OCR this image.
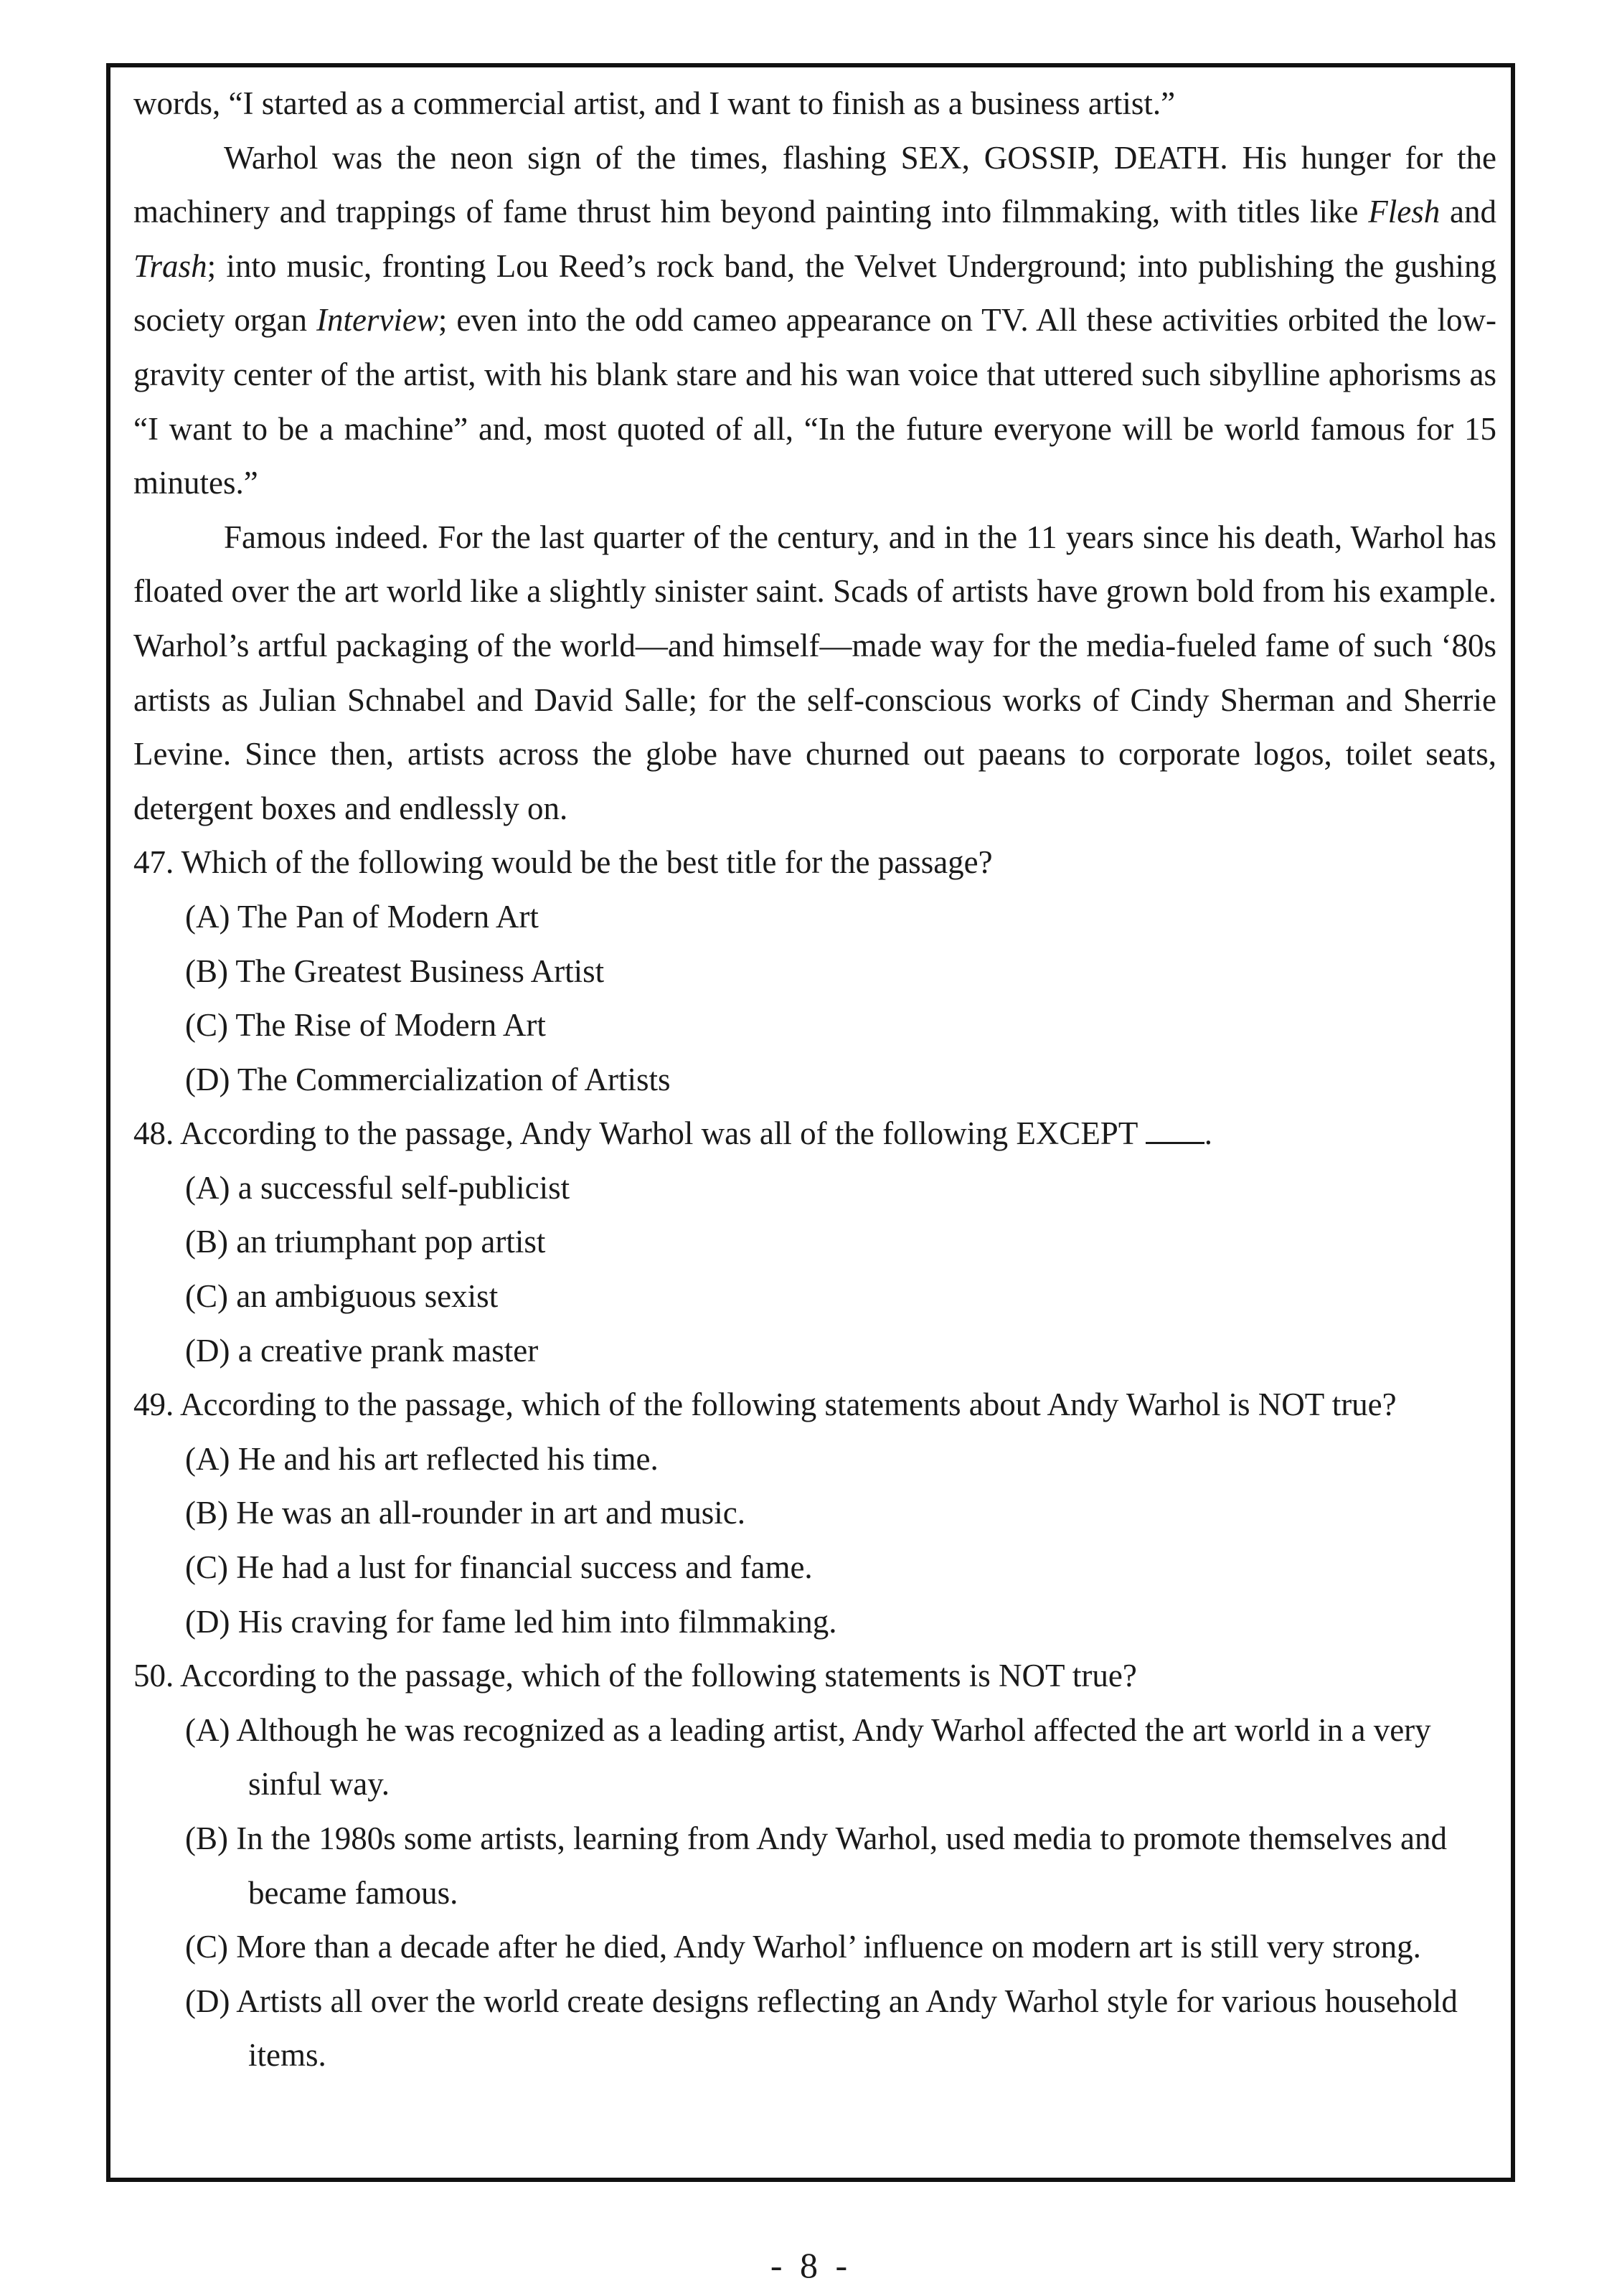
words, “I started as a commercial artist, and I want to finish as a business artist.”

Warhol was the neon sign of the times, flashing SEX, GOSSIP, DEATH. His hunger for the machinery and trappings of fame thrust him beyond painting into filmmaking, with titles like Flesh and Trash; into music, fronting Lou Reed’s rock band, the Velvet Underground; into publishing the gushing society organ Interview; even into the odd cameo appearance on TV. All these activities orbited the low-gravity center of the artist, with his blank stare and his wan voice that uttered such sibylline aphorisms as “I want to be a machine” and, most quoted of all, “In the future everyone will be world famous for 15 minutes.”

Famous indeed. For the last quarter of the century, and in the 11 years since his death, Warhol has floated over the art world like a slightly sinister saint. Scads of artists have grown bold from his example. Warhol’s artful packaging of the world—and himself—made way for the media-fueled fame of such ‘80s artists as Julian Schnabel and David Salle; for the self-conscious works of Cindy Sherman and Sherrie Levine. Since then, artists across the globe have churned out paeans to corporate logos, toilet seats, detergent boxes and endlessly on.

47. Which of the following would be the best title for the passage?

(A) The Pan of Modern Art

(B) The Greatest Business Artist

(C) The Rise of Modern Art

(D) The Commercialization of Artists

48. According to the passage, Andy Warhol was all of the following EXCEPT .

(A) a successful self-publicist

(B) an triumphant pop artist

(C) an ambiguous sexist

(D) a creative prank master

49. According to the passage, which of the following statements about Andy Warhol is NOT true?

(A) He and his art reflected his time.

(B) He was an all-rounder in art and music.

(C) He had a lust for financial success and fame.

(D) His craving for fame led him into filmmaking.

50. According to the passage, which of the following statements is NOT true?

(A) Although he was recognized as a leading artist, Andy Warhol affected the art world in a very sinful way.

(B) In the 1980s some artists, learning from Andy Warhol, used media to promote themselves and became famous.

(C) More than a decade after he died, Andy Warhol’ influence on modern art is still very strong.

(D) Artists all over the world create designs reflecting an Andy Warhol style for various household items.

- 8 -
